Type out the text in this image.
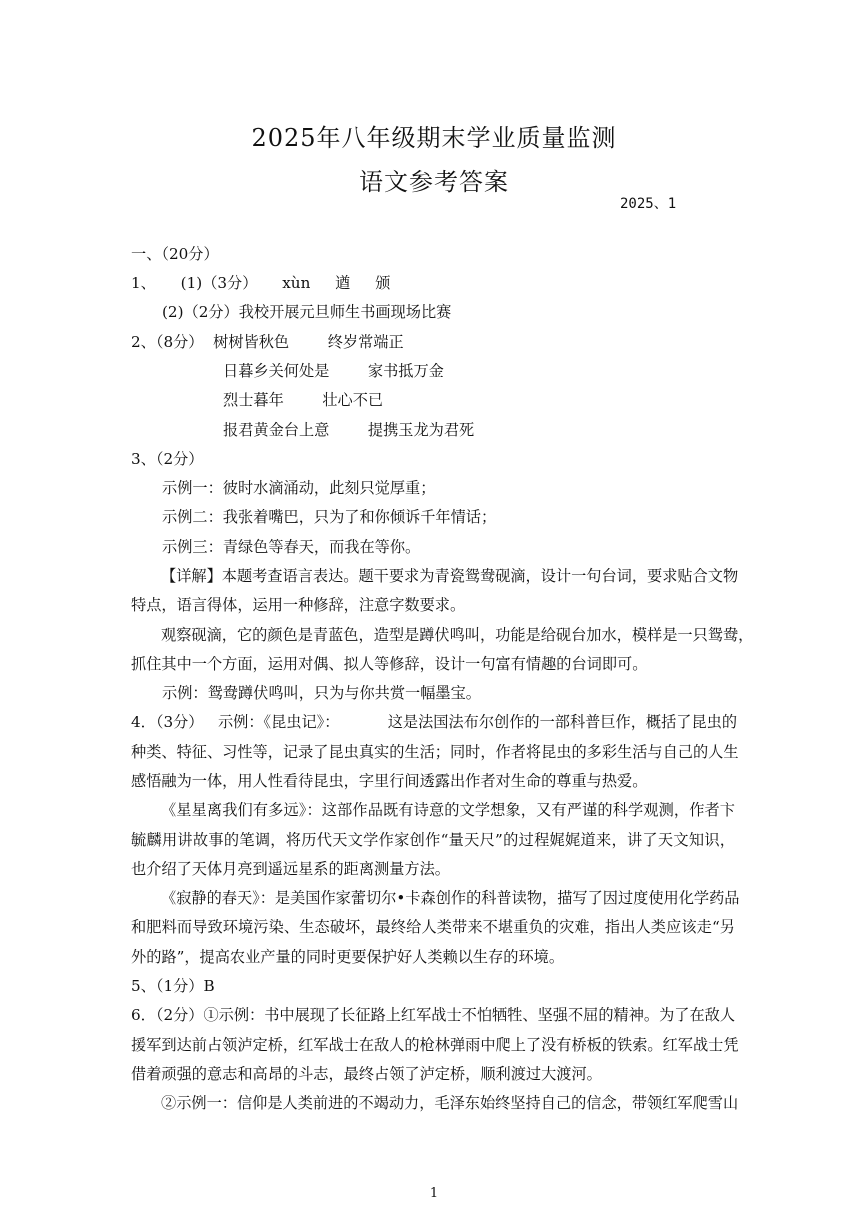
2025年八年级期末学业质量监测
语文参考答案
2025、1
一、（20分）
1、 (1)（3分） xùn 遒 颁
(2)（2分）我校开展元旦师生书画现场比赛
2、（8分）  树树皆秋色        终岁常端正
日暮乡关何处是        家书抵万金
烈士暮年        壮心不已
报君黄金台上意        提携玉龙为君死
3、（2分）
示例一：彼时水滴涌动，此刻只觉厚重；
示例二：我张着嘴巴，只为了和你倾诉千年情话；
示例三：青绿色等春天，而我在等你。
【详解】本题考查语言表达。题干要求为青瓷鸳鸯砚滴，设计一句台词，要求贴合文物
特点，语言得体，运用一种修辞，注意字数要求。
观察砚滴，它的颜色是青蓝色，造型是蹲伏鸣叫，功能是给砚台加水，模样是一只鸳鸯，
抓住其中一个方面，运用对偶、拟人等修辞，设计一句富有情趣的台词即可。
示例：鸳鸯蹲伏鸣叫，只为与你共赏一幅墨宝。
4．（3分）   示例：《昆虫记》：          这是法国法布尔创作的一部科普巨作，概括了昆虫的
种类、特征、习性等，记录了昆虫真实的生活；同时，作者将昆虫的多彩生活与自己的人生
感悟融为一体，用人性看待昆虫，字里行间透露出作者对生命的尊重与热爱。
《星星离我们有多远》：这部作品既有诗意的文学想象，又有严谨的科学观测，作者卞
毓麟用讲故事的笔调，将历代天文学作家创作“量天尺”的过程娓娓道来，讲了天文知识，
也介绍了天体月亮到遥远星系的距离测量方法。
《寂静的春天》：是美国作家蕾切尔•卡森创作的科普读物，描写了因过度使用化学药品
和肥料而导致环境污染、生态破坏，最终给人类带来不堪重负的灾难，指出人类应该走“另
外的路”，提高农业产量的同时更要保护好人类赖以生存的环境。
5、（1分）B
6．（2分）①示例：书中展现了长征路上红军战士不怕牺牲、坚强不屈的精神。为了在敌人
援军到达前占领泸定桥，红军战士在敌人的枪林弹雨中爬上了没有桥板的铁索。红军战士凭
借着顽强的意志和高昂的斗志，最终占领了泸定桥，顺利渡过大渡河。
②示例一：信仰是人类前进的不竭动力，毛泽东始终坚持自己的信念，带领红军爬雪山
1
